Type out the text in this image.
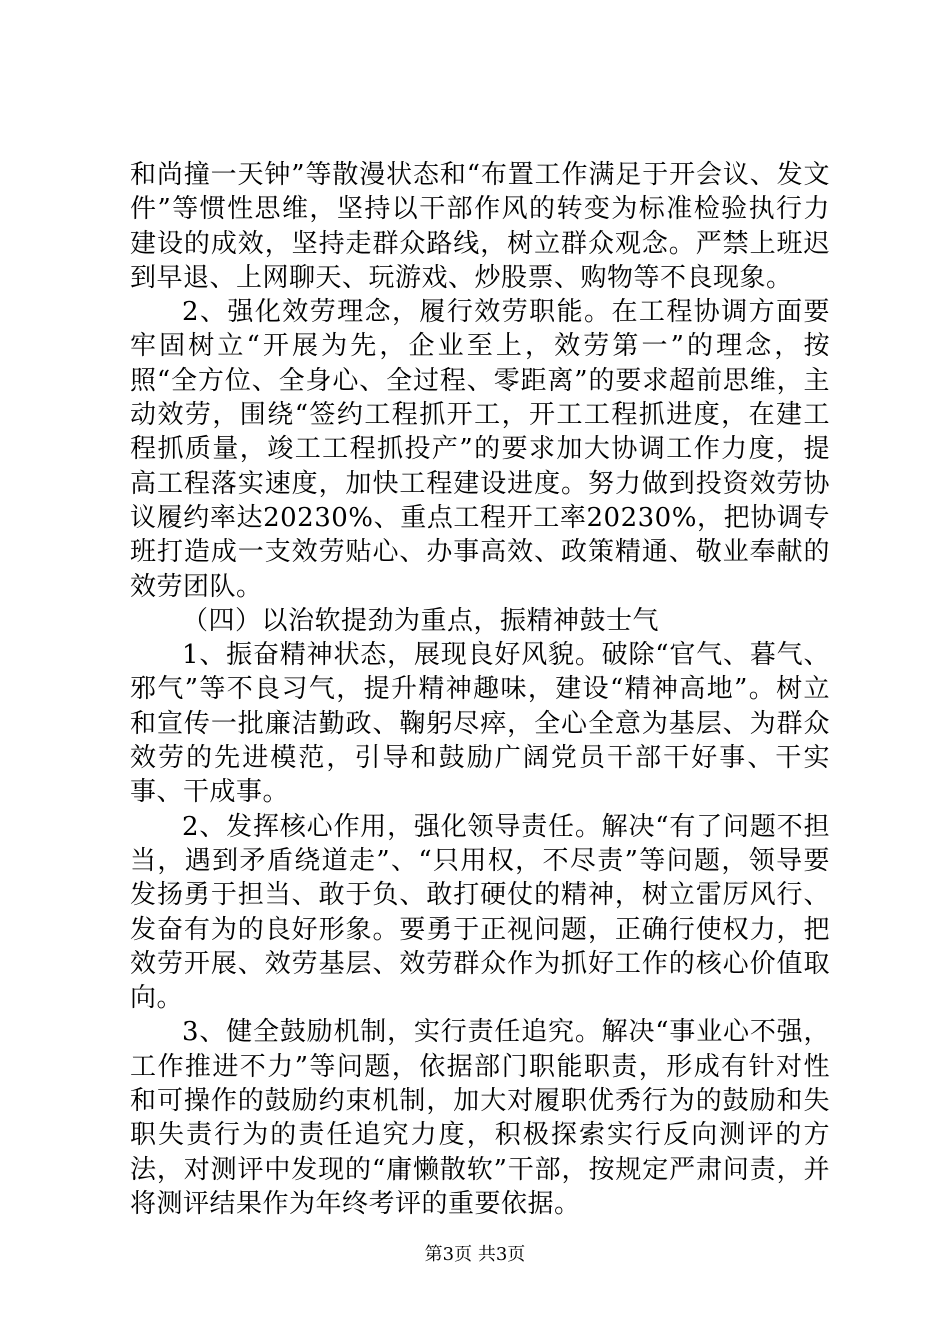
和尚撞一天钟”等散漫状态和“布置工作满足于开会议、发文件”等惯性思维，坚持以干部作风的转变为标准检验执行力建设的成效，坚持走群众路线，树立群众观念。严禁上班迟到早退、上网聊天、玩游戏、炒股票、购物等不良现象。

2、强化效劳理念，履行效劳职能。在工程协调方面要牢固树立“开展为先，企业至上，效劳第一”的理念，按照“全方位、全身心、全过程、零距离”的要求超前思维，主动效劳，围绕“签约工程抓开工，开工工程抓进度，在建工程抓质量，竣工工程抓投产”的要求加大协调工作力度，提高工程落实速度，加快工程建设进度。努力做到投资效劳协议履约率达20230%、重点工程开工率20230%，把协调专班打造成一支效劳贴心、办事高效、政策精通、敬业奉献的效劳团队。

（四）以治软提劲为重点，振精神鼓士气

1、振奋精神状态，展现良好风貌。破除“官气、暮气、邪气”等不良习气，提升精神趣味，建设“精神高地”。树立和宣传一批廉洁勤政、鞠躬尽瘁，全心全意为基层、为群众效劳的先进模范，引导和鼓励广阔党员干部干好事、干实事、干成事。

2、发挥核心作用，强化领导责任。解决“有了问题不担当，遇到矛盾绕道走”、“只用权，不尽责”等问题，领导要发扬勇于担当、敢于负、敢打硬仗的精神，树立雷厉风行、发奋有为的良好形象。要勇于正视问题，正确行使权力，把效劳开展、效劳基层、效劳群众作为抓好工作的核心价值取向。

3、健全鼓励机制，实行责任追究。解决“事业心不强，工作推进不力”等问题，依据部门职能职责，形成有针对性和可操作的鼓励约束机制，加大对履职优秀行为的鼓励和失职失责行为的责任追究力度，积极探索实行反向测评的方法，对测评中发现的“庸懒散软”干部，按规定严肃问责，并将测评结果作为年终考评的重要依据。

第3页 共3页
